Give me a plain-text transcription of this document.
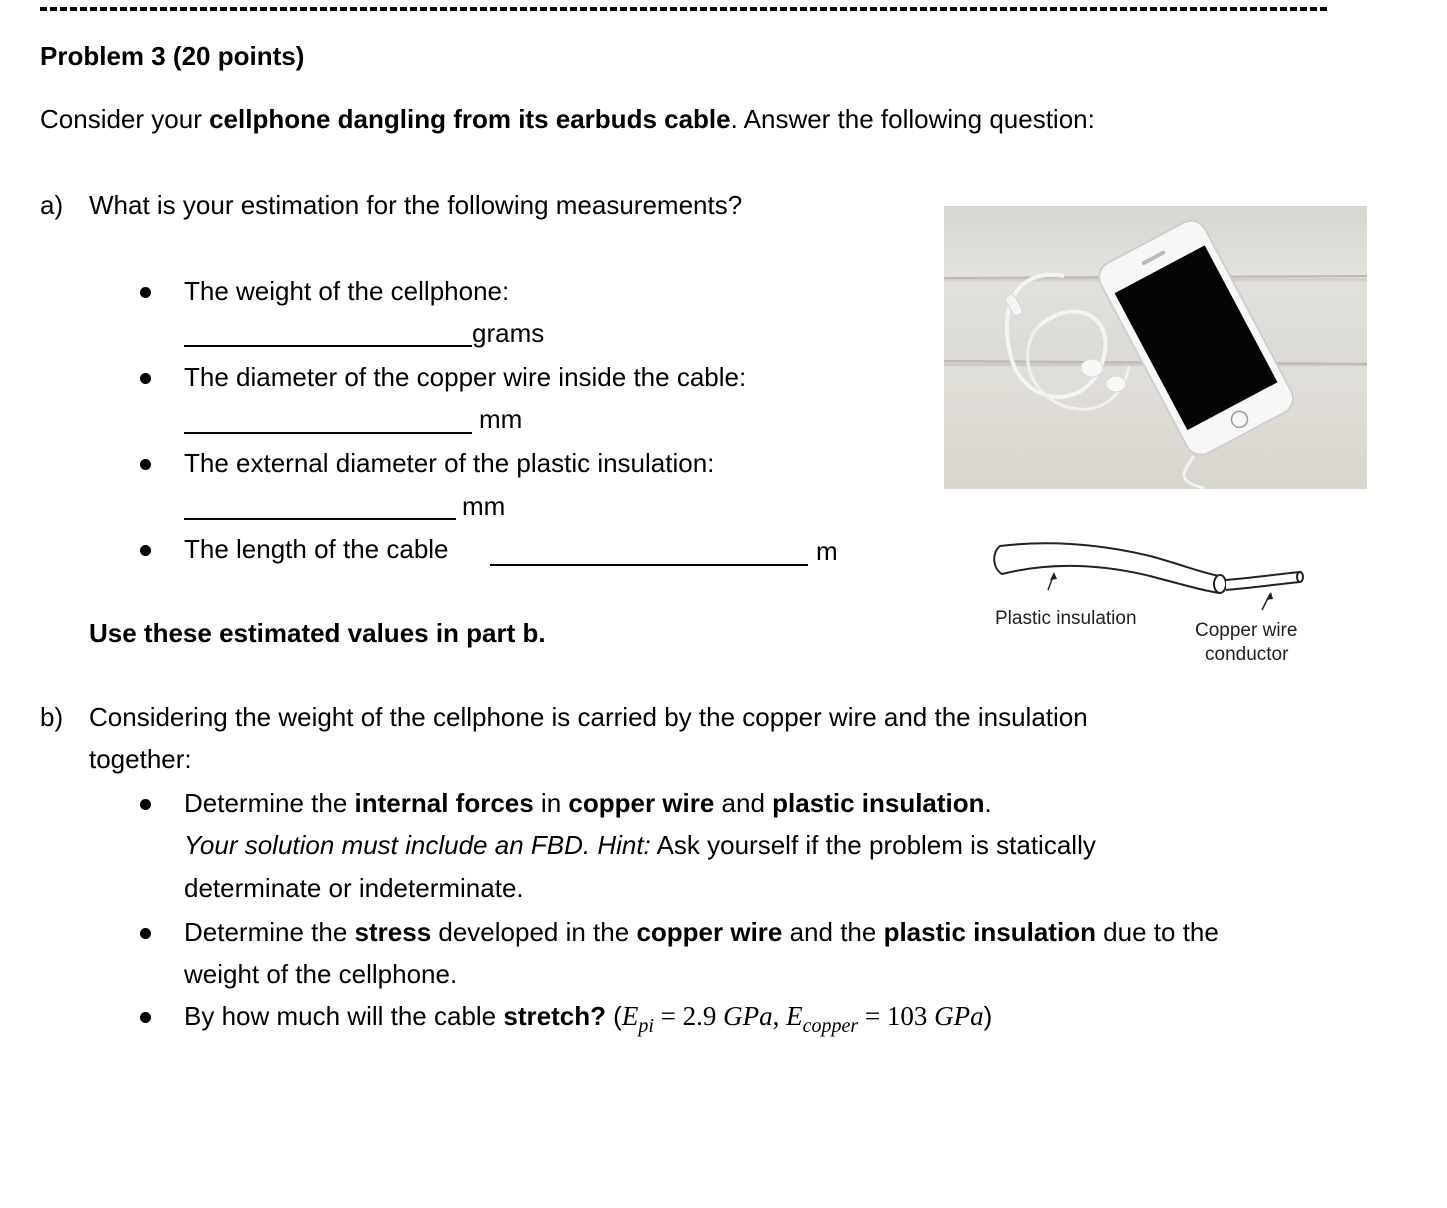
Problem 3 (20 points)
Consider your cellphone dangling from its earbuds cable. Answer the following question:
a) What is your estimation for the following measurements?
The weight of the cellphone:
grams
The diameter of the copper wire inside the cable:
mm
The external diameter of the plastic insulation:
mm
The length of the cable	m
Use these estimated values in part b.	Plastic insulation
Copper wire
conductor
b) Considering the weight of the cellphone is carried by the copper wire and the insulation
together:
Determine the internal forces in copper wire and plastic insulation.
Your solution must include an FBD. Hint: Ask yourself if the problem is statically
determinate or indeterminate.
Determine the stress developed in the copper wire and the plastic insulation due to the
weight of the cellphone.
By how much will the cable stretch? ($E_{pi} = 2.9$ GPa, $E_{copper} = 103$ GPa)
